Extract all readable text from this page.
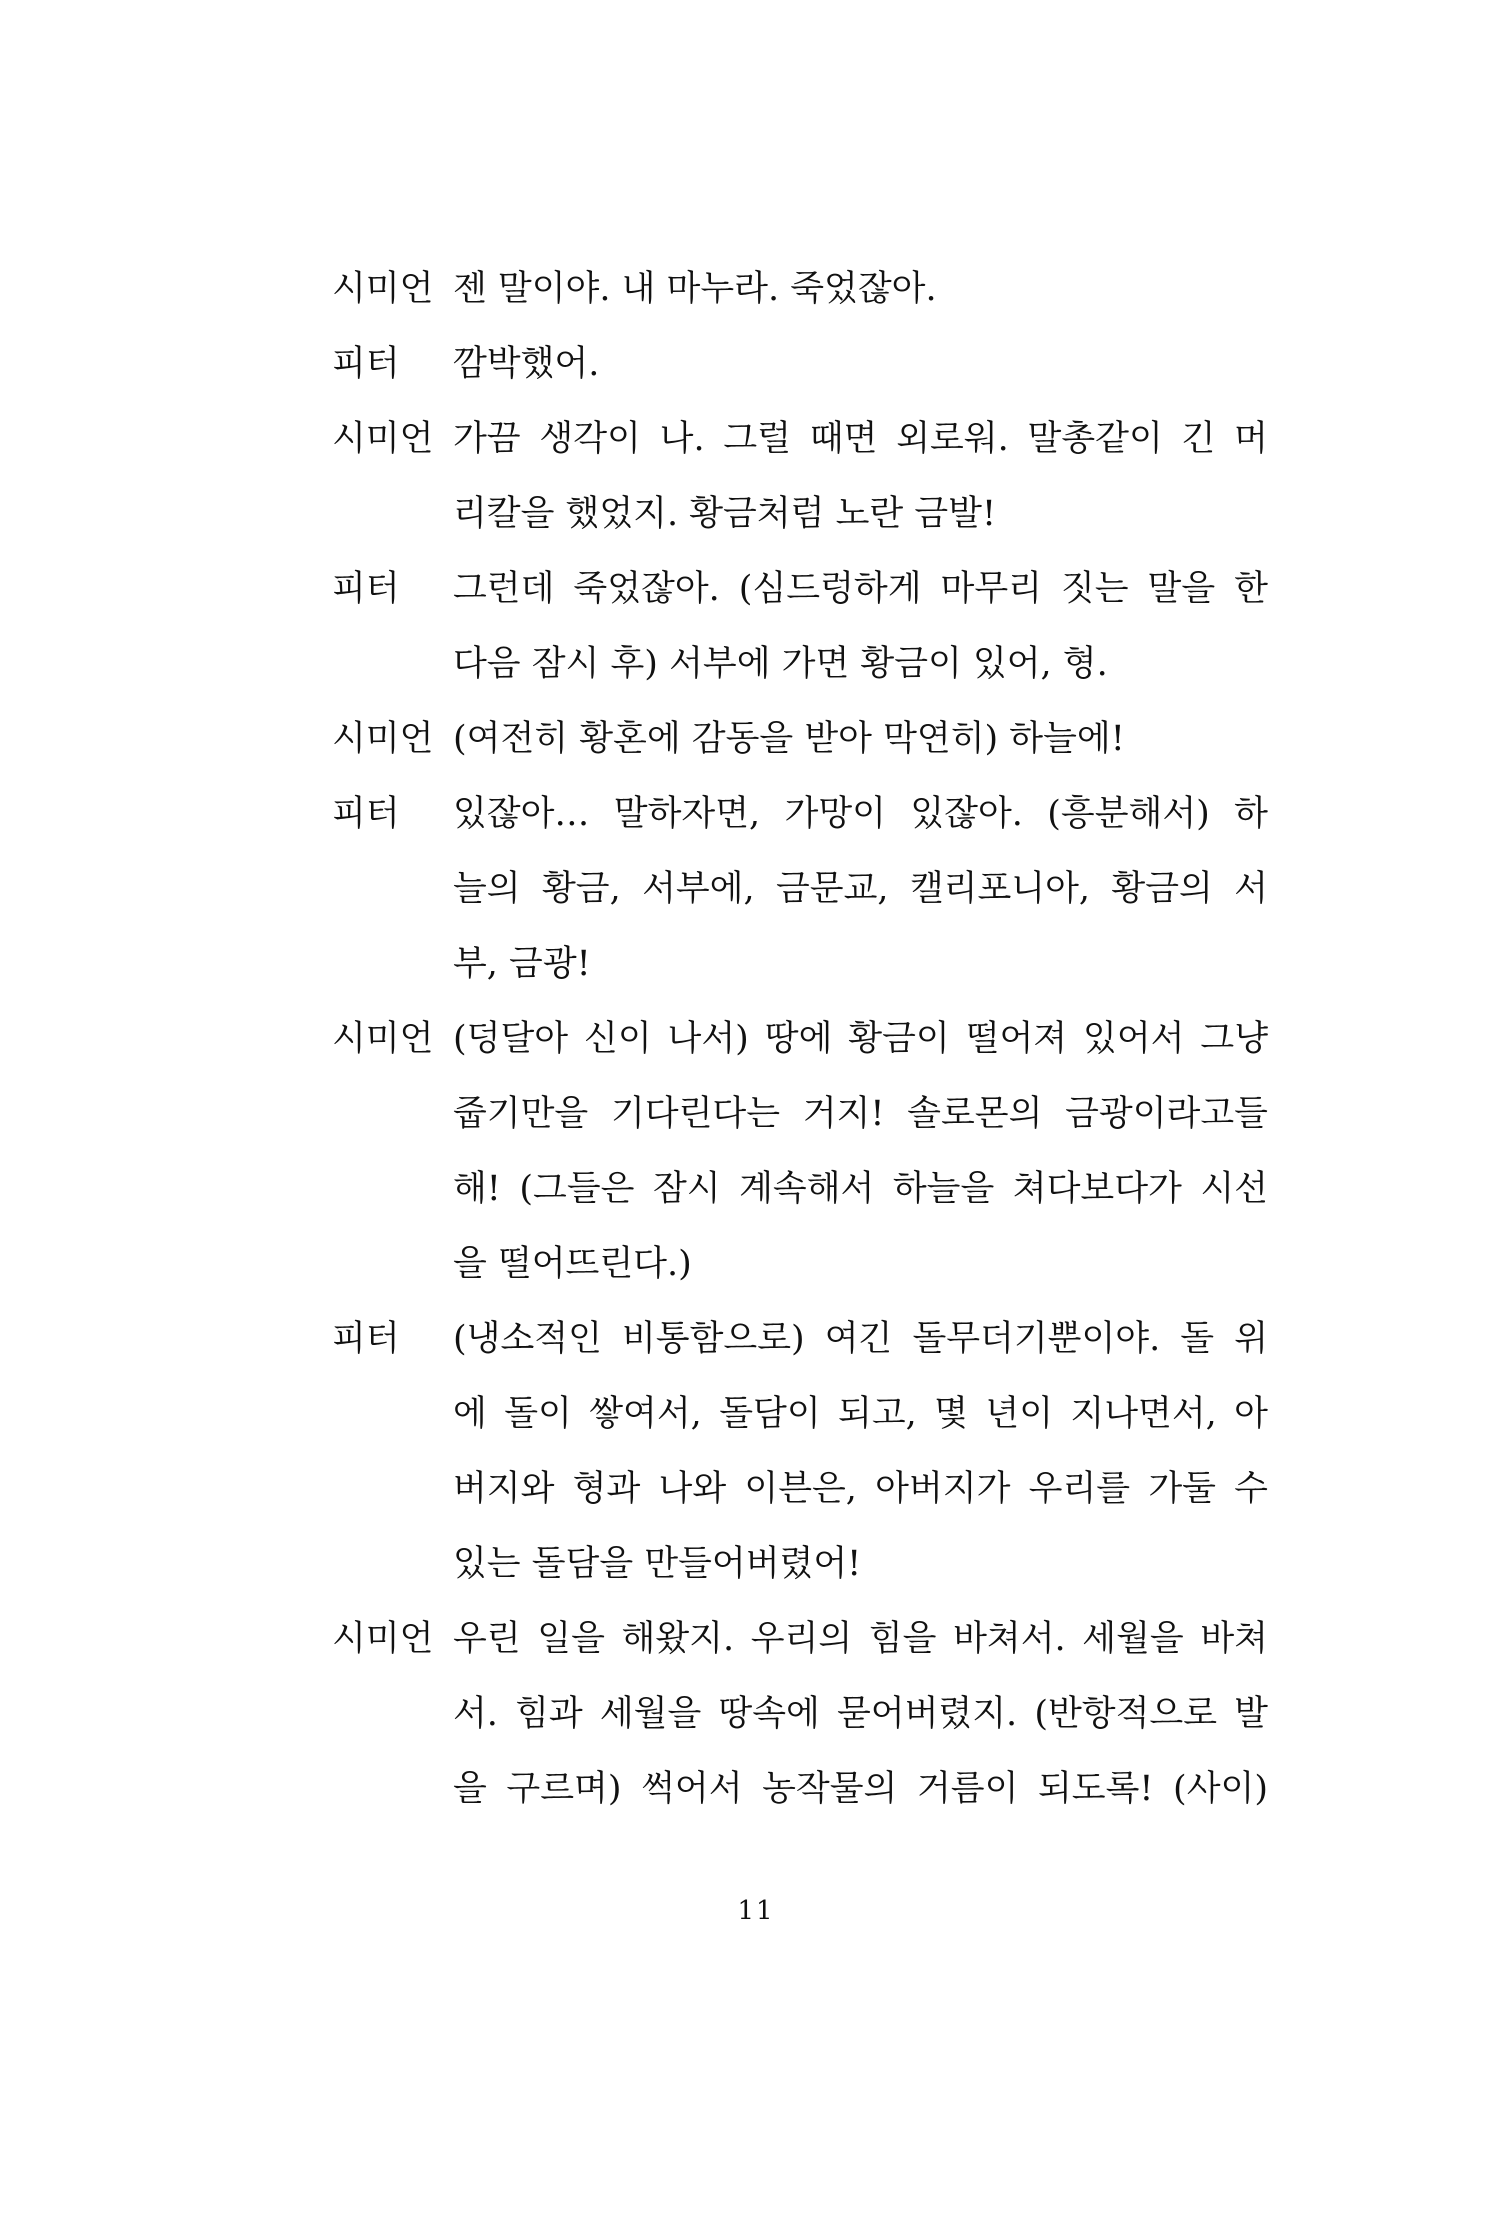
시미언 젠 말이야. 내 마누라. 죽었잖아.
피터	깜박했어.
시미언 가끔 생각이 나. 그럴 때면 외로워. 말총같이 긴 머
리칼을 했었지. 황금처럼 노란 금발!
피터	그런데 죽었잖아. (심드렁하게 마무리 짓는 말을 한
다음 잠시 후) 서부에 가면 황금이 있어, 형.
시미언 (여전히 황혼에 감동을 받아 막연히) 하늘에!
피터	있잖아… 말하자면, 가망이 있잖아. (흥분해서) 하
늘의 황금, 서부에, 금문교, 캘리포니아, 황금의 서
부, 금광!
시미언 (덩달아 신이 나서) 땅에 황금이 떨어져 있어서 그냥
줍기만을 기다린다는 거지! 솔로몬의 금광이라고들
해! (그들은 잠시 계속해서 하늘을 쳐다보다가 시선
을 떨어뜨린다.)
피터	(냉소적인 비통함으로) 여긴 돌무더기뿐이야. 돌 위
에 돌이 쌓여서, 돌담이 되고, 몇 년이 지나면서, 아
버지와 형과 나와 이븐은, 아버지가 우리를 가둘 수
있는 돌담을 만들어버렸어!
시미언 우린 일을 해왔지. 우리의 힘을 바쳐서. 세월을 바쳐
서. 힘과 세월을 땅속에 묻어버렸지. (반항적으로 발
을 구르며) 썩어서 농작물의 거름이 되도록! (사이)
11
